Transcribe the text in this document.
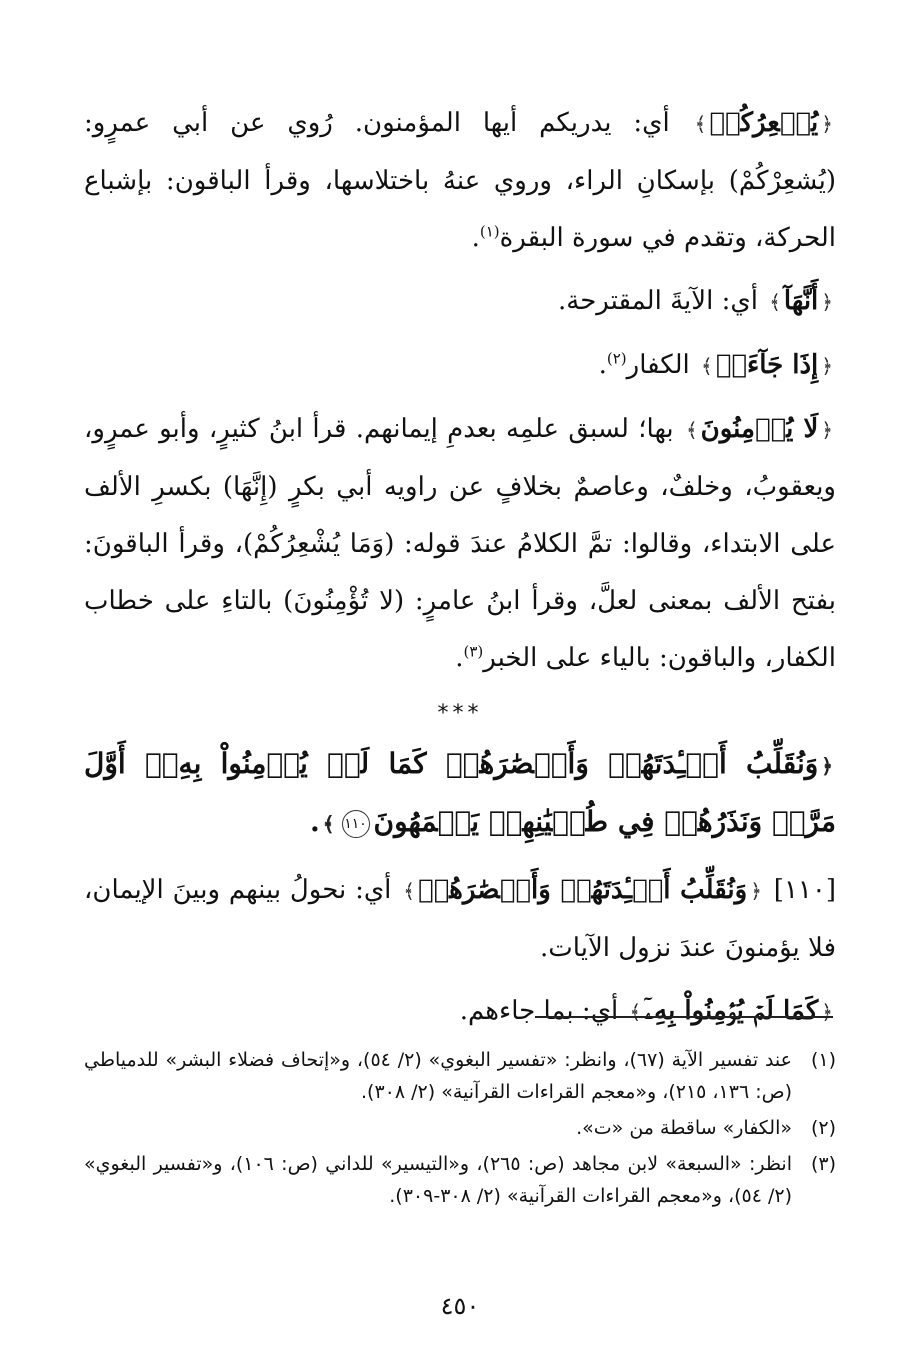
﴿يُشۡعِرُكُمۡ﴾ أي: يدريكم أيها المؤمنون. رُوي عن أبي عمرٍو: (يُشعِرْكُمْ) بإسكانِ الراء، وروي عنهُ باختلاسها، وقرأ الباقون: بإشباع الحركة، وتقدم في سورة البقرة$^{(١)}$.

﴿أَنَّهَآ﴾ أي: الآيةَ المقترحة.

﴿إِذَا جَآءَتۡ﴾ الكفار$^{(٢)}$.

﴿لَا يُؤۡمِنُونَ﴾ بها؛ لسبق علمِه بعدمِ إيمانهم. قرأ ابنُ كثيرٍ، وأبو عمرٍو، ويعقوبُ، وخلفٌ، وعاصمٌ بخلافٍ عن راويه أبي بكرٍ (إِنَّهَا) بكسرِ الألف على الابتداء، وقالوا: تمَّ الكلامُ عندَ قوله: (وَمَا يُشْعِرُكُمْ)، وقرأ الباقونَ: بفتح الألف بمعنى لعلَّ، وقرأ ابنُ عامرٍ: (لا تُؤْمِنُونَ) بالتاءِ على خطاب الكفار، والباقون: بالياء على الخبر$^{(٣)}$.

***

﴿وَنُقَلِّبُ أَفۡـِٔدَتَهُمۡ وَأَبۡصَٰرَهُمۡ كَمَا لَمۡ يُؤۡمِنُواْ بِهِۦٓ أَوَّلَ مَرَّةٖ وَنَذَرُهُمۡ فِي طُغۡيَٰنِهِمۡ يَعۡمَهُونَ١١٠﴾.

[١١٠] ﴿وَنُقَلِّبُ أَفۡـِٔدَتَهُمۡ وَأَبۡصَٰرَهُمۡ﴾ أي: نحولُ بينهم وبينَ الإيمان، فلا يؤمنونَ عندَ نزول الآيات.

﴿كَمَا لَمۡ يُؤۡمِنُواْ بِهِۦٓ﴾ أي: بما جاءهم.

(١)
عند تفسير الآية (٦٧)، وانظر: «تفسير البغوي» (٢/ ٥٤)، و«إتحاف فضلاء البشر» للدمياطي (ص: ١٣٦، ٢١٥)، و«معجم القراءات القرآنية» (٢/ ٣٠٨).
(٢)
«الكفار» ساقطة من «ت».
(٣)
انظر: «السبعة» لابن مجاهد (ص: ٢٦٥)، و«التيسير» للداني (ص: ١٠٦)، و«تفسير البغوي» (٢/ ٥٤)، و«معجم القراءات القرآنية» (٢/ ٣٠٨-٣٠٩).
٤٥٠
